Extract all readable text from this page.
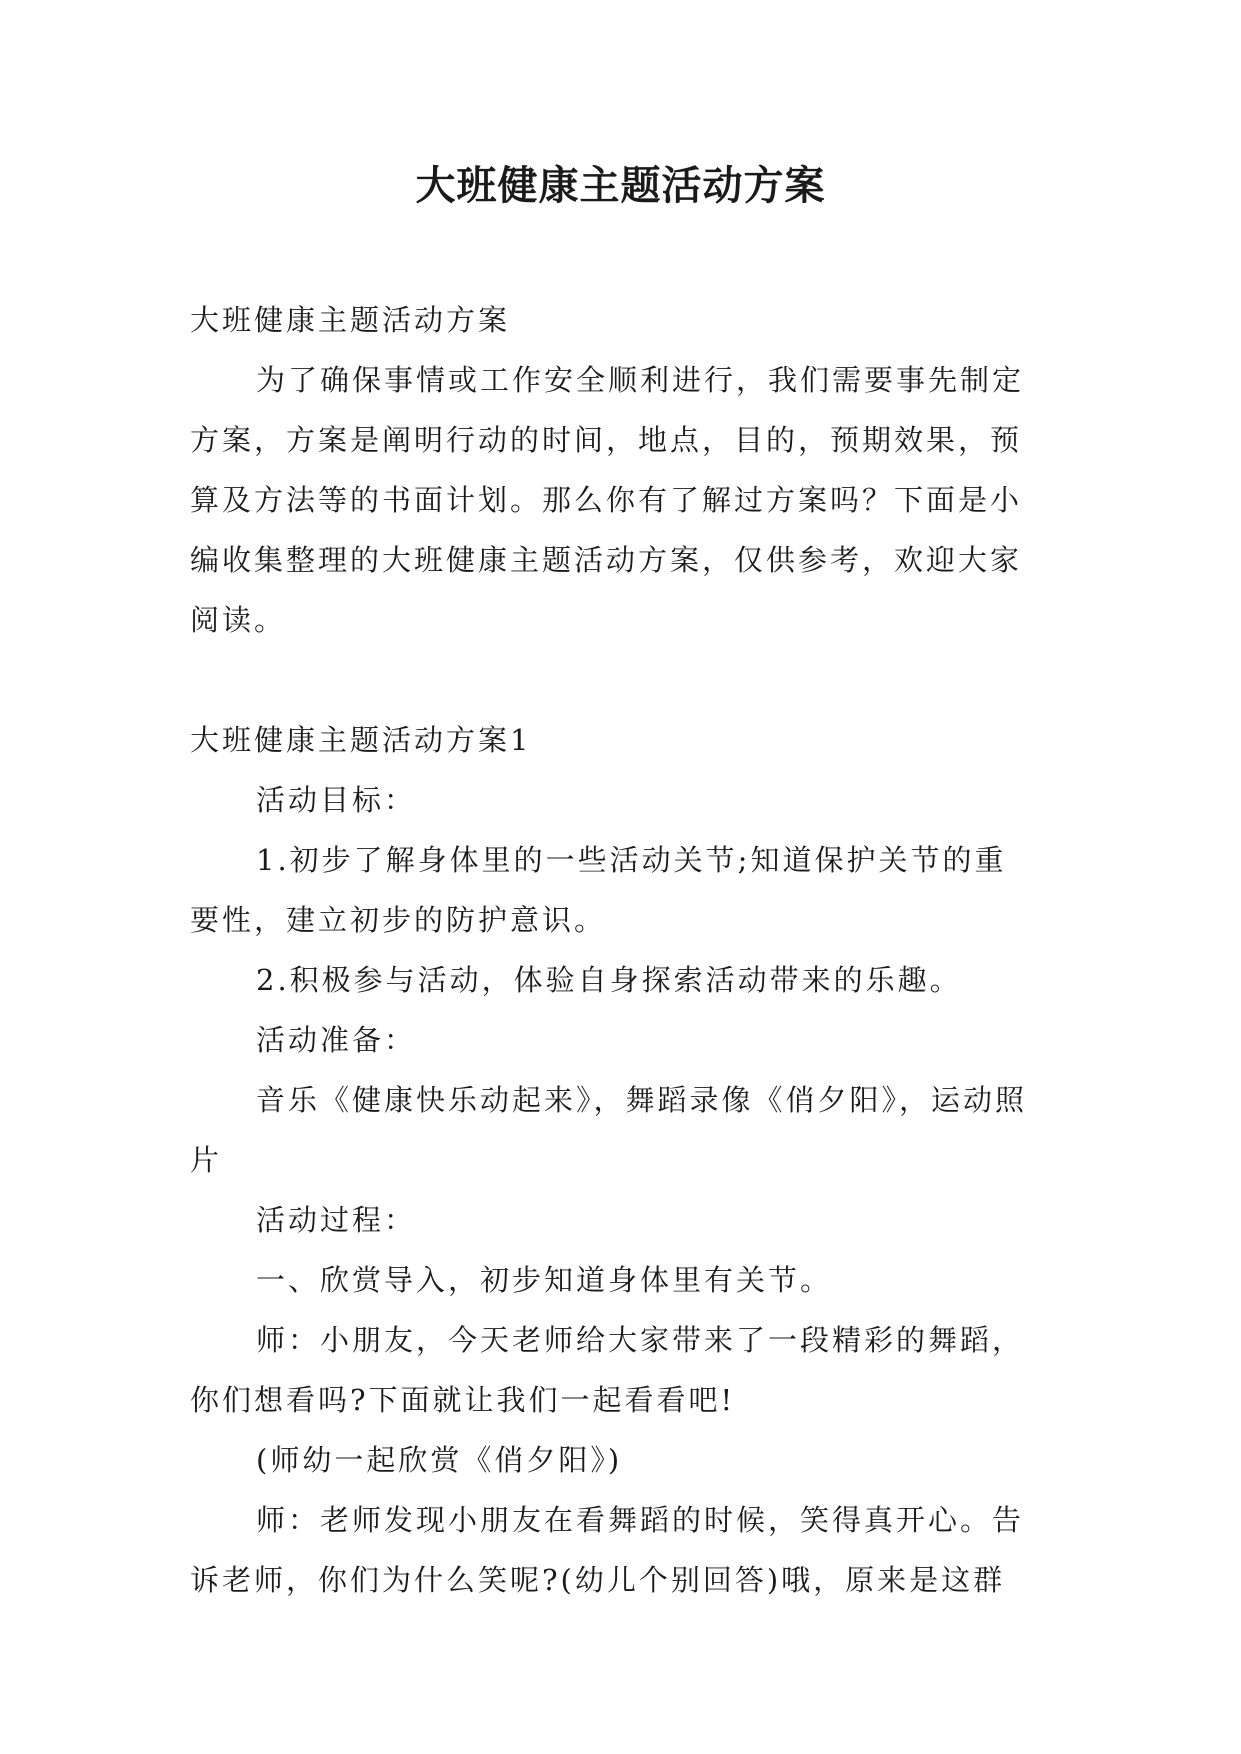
大班健康主题活动方案

大班健康主题活动方案

为了确保事情或工作安全顺利进行，我们需要事先制定

方案，方案是阐明行动的时间，地点，目的，预期效果，预

算及方法等的书面计划。那么你有了解过方案吗？下面是小

编收集整理的大班健康主题活动方案，仅供参考，欢迎大家

阅读。

大班健康主题活动方案1

活动目标：

1.初步了解身体里的一些活动关节;知道保护关节的重

要性，建立初步的防护意识。

2.积极参与活动，体验自身探索活动带来的乐趣。

活动准备：

音乐《健康快乐动起来》，舞蹈录像《俏夕阳》，运动照

片

活动过程：

一、欣赏导入，初步知道身体里有关节。

师：小朋友，今天老师给大家带来了一段精彩的舞蹈，

你们想看吗?下面就让我们一起看看吧!

(师幼一起欣赏《俏夕阳》)

师：老师发现小朋友在看舞蹈的时候，笑得真开心。告

诉老师，你们为什么笑呢?(幼儿个别回答)哦，原来是这群
